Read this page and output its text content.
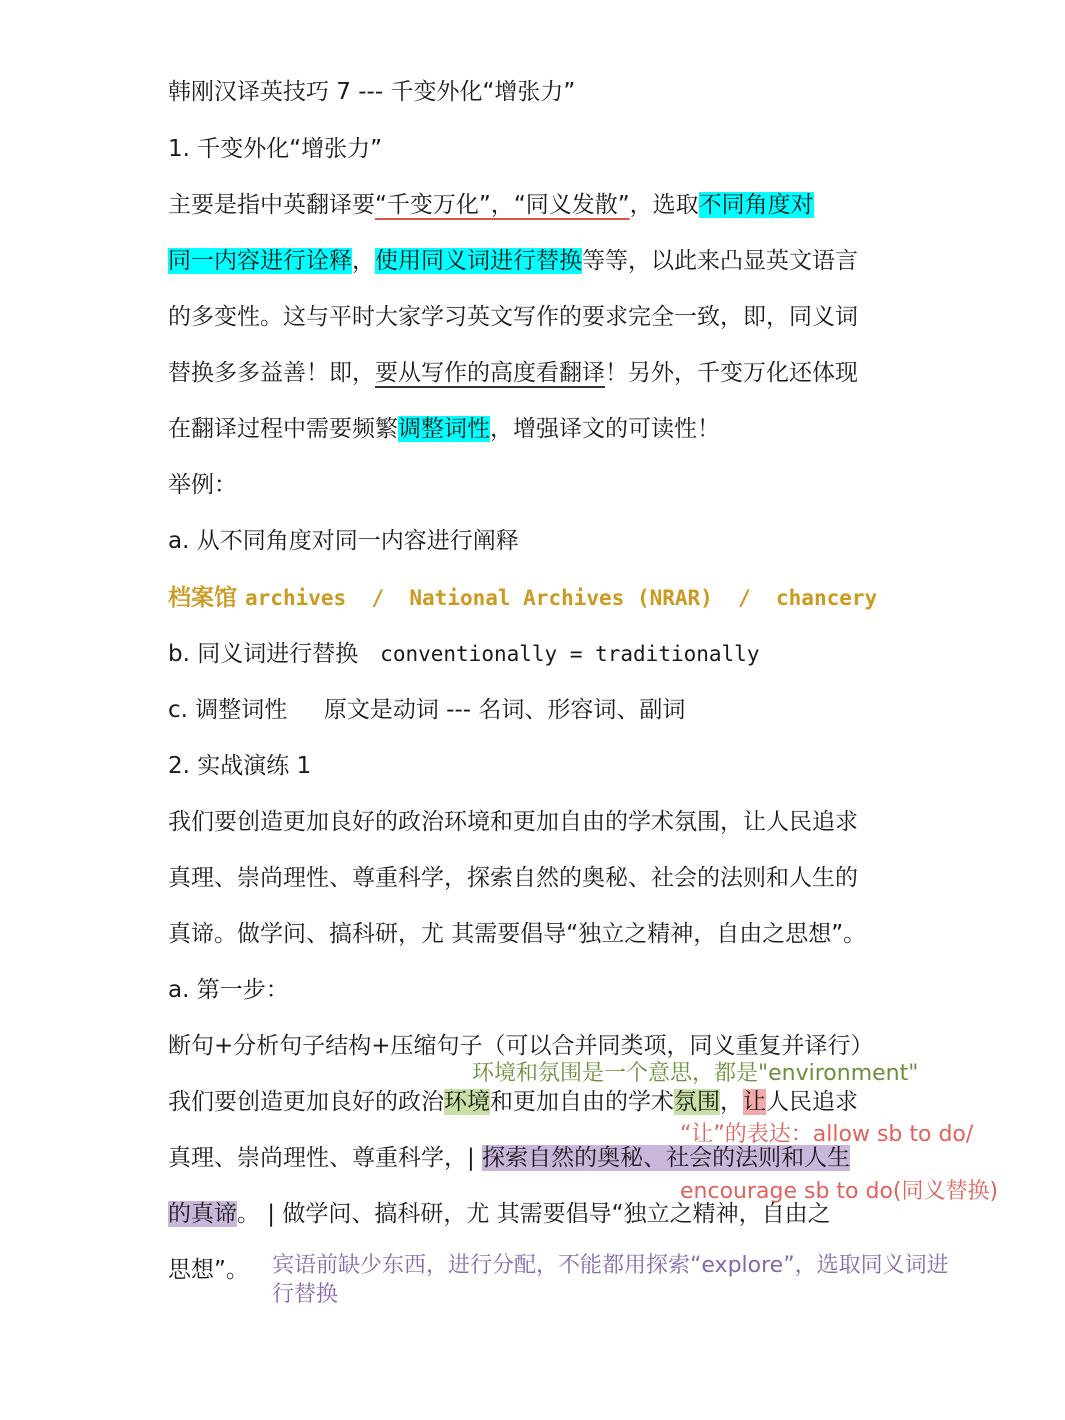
韩刚汉译英技巧 7 --- 千变外化“增张力”
1. 千变外化“增张力”
主要是指中英翻译要“千变万化”，“同义发散”，选取不同角度对
同一内容进行诠释，使用同义词进行替换等等，以此来凸显英文语言
的多变性。这与平时大家学习英文写作的要求完全一致，即，同义词
替换多多益善！即，要从写作的高度看翻译！另外，千变万化还体现
在翻译过程中需要频繁调整词性，增强译文的可读性！
举例：
a. 从不同角度对同一内容进行阐释
档案馆 archives  /  National Archives (NRAR)  /  chancery
b. 同义词进行替换 conventionally = traditionally
c. 调整词性 原文是动词 --- 名词、形容词、副词
2. 实战演练 1
我们要创造更加良好的政治环境和更加自由的学术氛围，让人民追求
真理、崇尚理性、尊重科学，探索自然的奥秘、社会的法则和人生的
真谛。做学问、搞科研，尤 其需要倡导“独立之精神，自由之思想”。
a. 第一步：
断句+分析句子结构+压缩句子（可以合并同类项，同义重复并译行）
我们要创造更加良好的政治环境和更加自由的学术氛围，让人民追求
真理、崇尚理性、尊重科学，| 探索自然的奥秘、社会的法则和人生
的真谛。 | 做学问、搞科研，尤 其需要倡导“独立之精神，自由之
思想”。
环境和氛围是一个意思，都是"environment"
“让”的表达：allow sb to do/
encourage sb to do(同义替换)
宾语前缺少东西，进行分配，不能都用探索“explore”，选取同义词进
行替换
